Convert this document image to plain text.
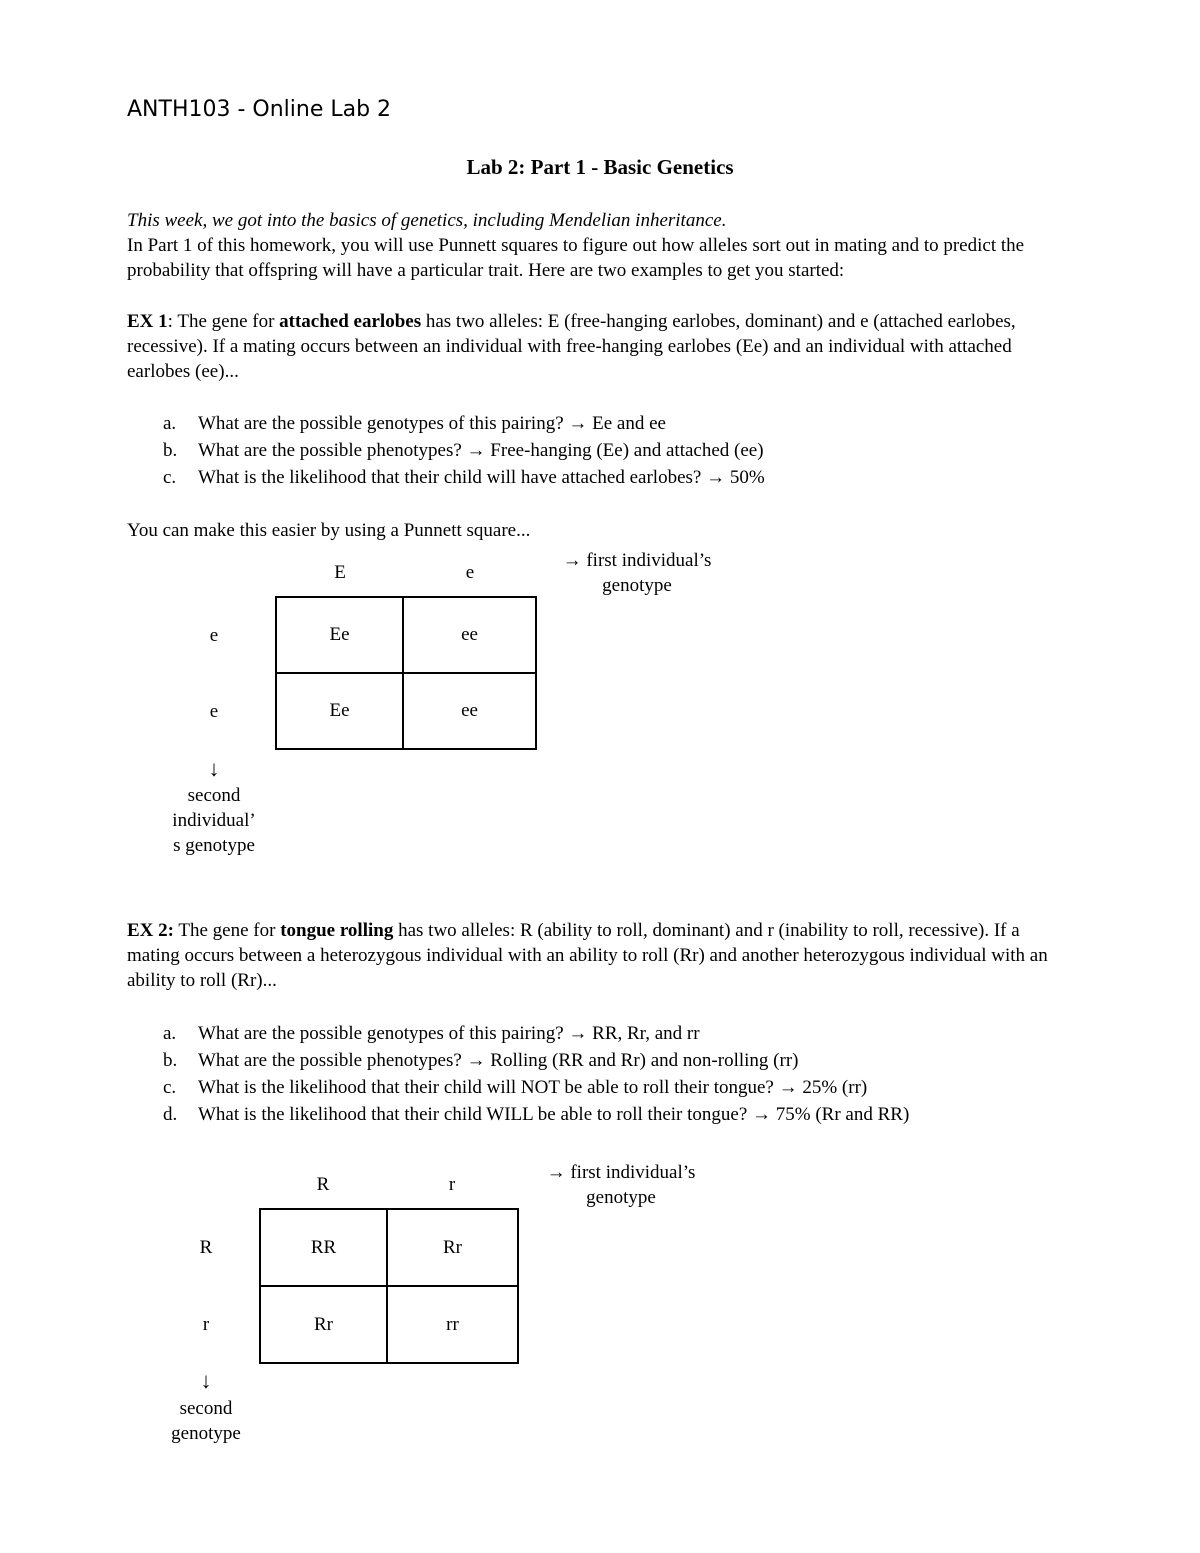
ANTH103 - Online Lab 2
Lab 2: Part 1 - Basic Genetics
This week, we got into the basics of genetics, including Mendelian inheritance.
In Part 1 of this homework, you will use Punnett squares to figure out how alleles sort out in mating and to predict the probability that offspring will have a particular trait. Here are two examples to get you started:
EX 1: The gene for attached earlobes has two alleles: E (free-hanging earlobes, dominant) and e (attached earlobes, recessive). If a mating occurs between an individual with free-hanging earlobes (Ee) and an individual with attached earlobes (ee)...
a.	What are the possible genotypes of this pairing? → Ee and ee
b.	What are the possible phenotypes? → Free-hanging (Ee) and attached (ee)
c.	What is the likelihood that their child will have attached earlobes? → 50%
You can make this easier by using a Punnett square...
E	e
→ first individual’s
genotype
e
e
Ee	ee
Ee	ee
↓
second
individual’
s genotype
EX 2: The gene for tongue rolling has two alleles: R (ability to roll, dominant) and r (inability to roll, recessive). If a mating occurs between a heterozygous individual with an ability to roll (Rr) and another heterozygous individual with an ability to roll (Rr)...
a.	What are the possible genotypes of this pairing? → RR, Rr, and rr
b.	What are the possible phenotypes? → Rolling (RR and Rr) and non-rolling (rr)
c.	What is the likelihood that their child will NOT be able to roll their tongue? → 25% (rr)
d.	What is the likelihood that their child WILL be able to roll their tongue? → 75% (Rr and RR)
R	r
→ first individual’s
genotype
R
r
RR	Rr
Rr	rr
↓
second
genotype
